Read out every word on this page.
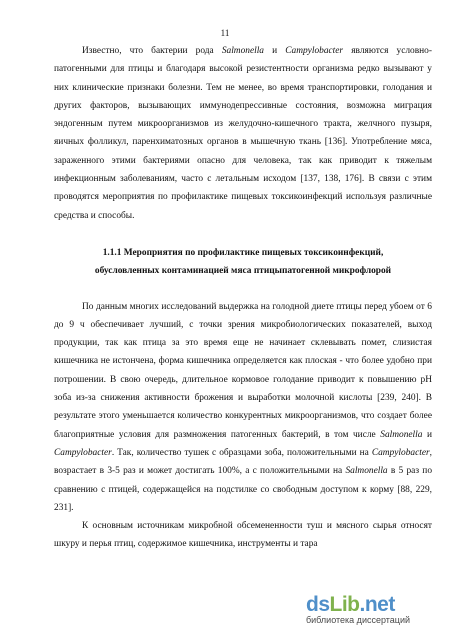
11

Известно, что бактерии рода Salmonella и Campylobacter являются условно-патогенными для птицы и благодаря высокой резистентности организма редко вызывают у них клинические признаки болезни. Тем не менее, во время транспортировки, голодания и других факторов, вызывающих иммунодепрессивные состояния, возможна миграция эндогенным путем микроорганизмов из желудочно-кишечного тракта, желчного пузыря, яичных фолликул, паренхиматозных органов в мышечную ткань [136]. Употребление мяса, зараженного этими бактериями опасно для человека, так как приводит к тяжелым инфекционным заболеваниям, часто с летальным исходом [137, 138, 176]. В связи с этим проводятся мероприятия по профилактике пищевых токсикоинфекций используя различные средства и способы.

1.1.1 Мероприятия по профилактике пищевых токсикоинфекций,
обусловленных контаминацией мяса птицыпатогенной микрофлорой

По данным многих исследований выдержка на голодной диете птицы перед убоем от 6 до 9 ч обеспечивает лучший, с точки зрения микробиологических показателей, выход продукции, так как птица за это время еще не начинает склевывать помет, слизистая кишечника не истончена, форма кишечника определяется как плоская - что более удобно при потрошении. В свою очередь, длительное кормовое голодание приводит к повышению pH зоба из-за снижения активности брожения и выработки молочной кислоты [239, 240]. В результате этого уменьшается количество конкурентных микроорганизмов, что создает более благоприятные условия для размножения патогенных бактерий, в том числе Salmonella и Campylobacter. Так, количество тушек с образцами зоба, положительными на Campylobacter, возрастает в 3-5 раз и может достигать 100%, а с положительными на Salmonella в 5 раз по сравнению с птицей, содержащейся на подстилке со свободным доступом к корму [88, 229, 231].

К основным источникам микробной обсемененности туш и мясного сырья относят шкуру и перья птиц, содержимое кишечника, инструменты и тара

dsLib.net
библиотека диссертаций
